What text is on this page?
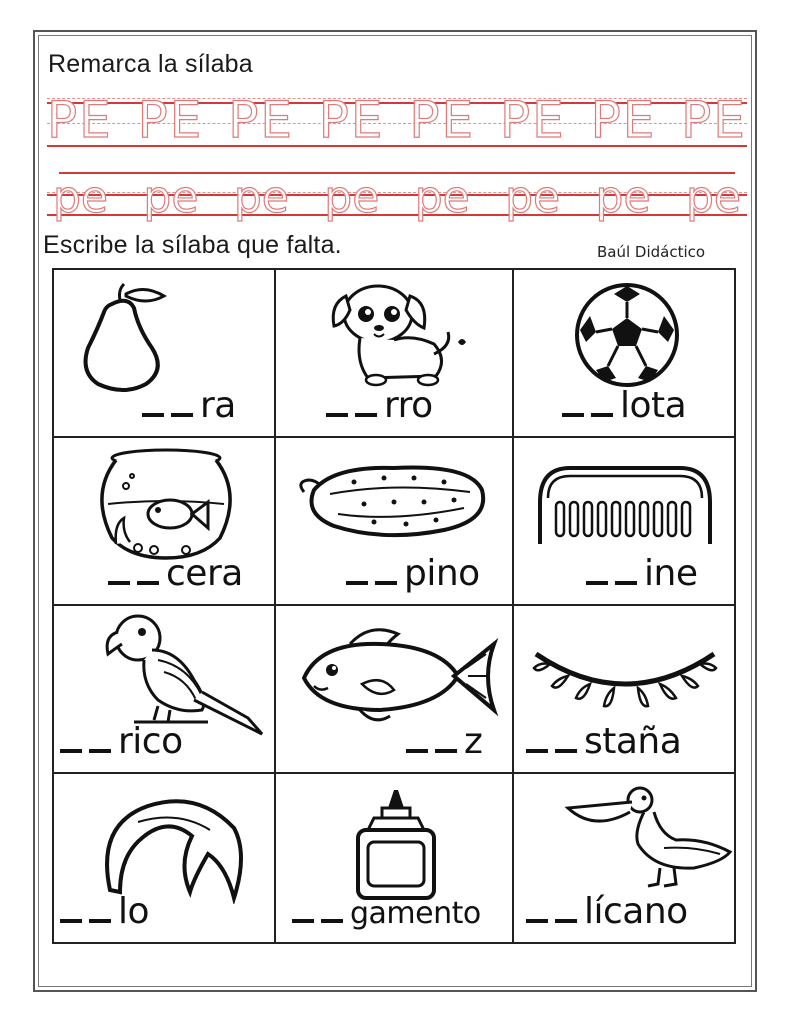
Remarca la sílaba
PE PE PE PE PE PE PE PE
pe pe pe pe pe pe pe pe
Escribe la sílaba que falta.	Baúl Didáctico
ra	rro	lota
cera	pino	ine
rico	z	staña
lo	gamento	lícano
